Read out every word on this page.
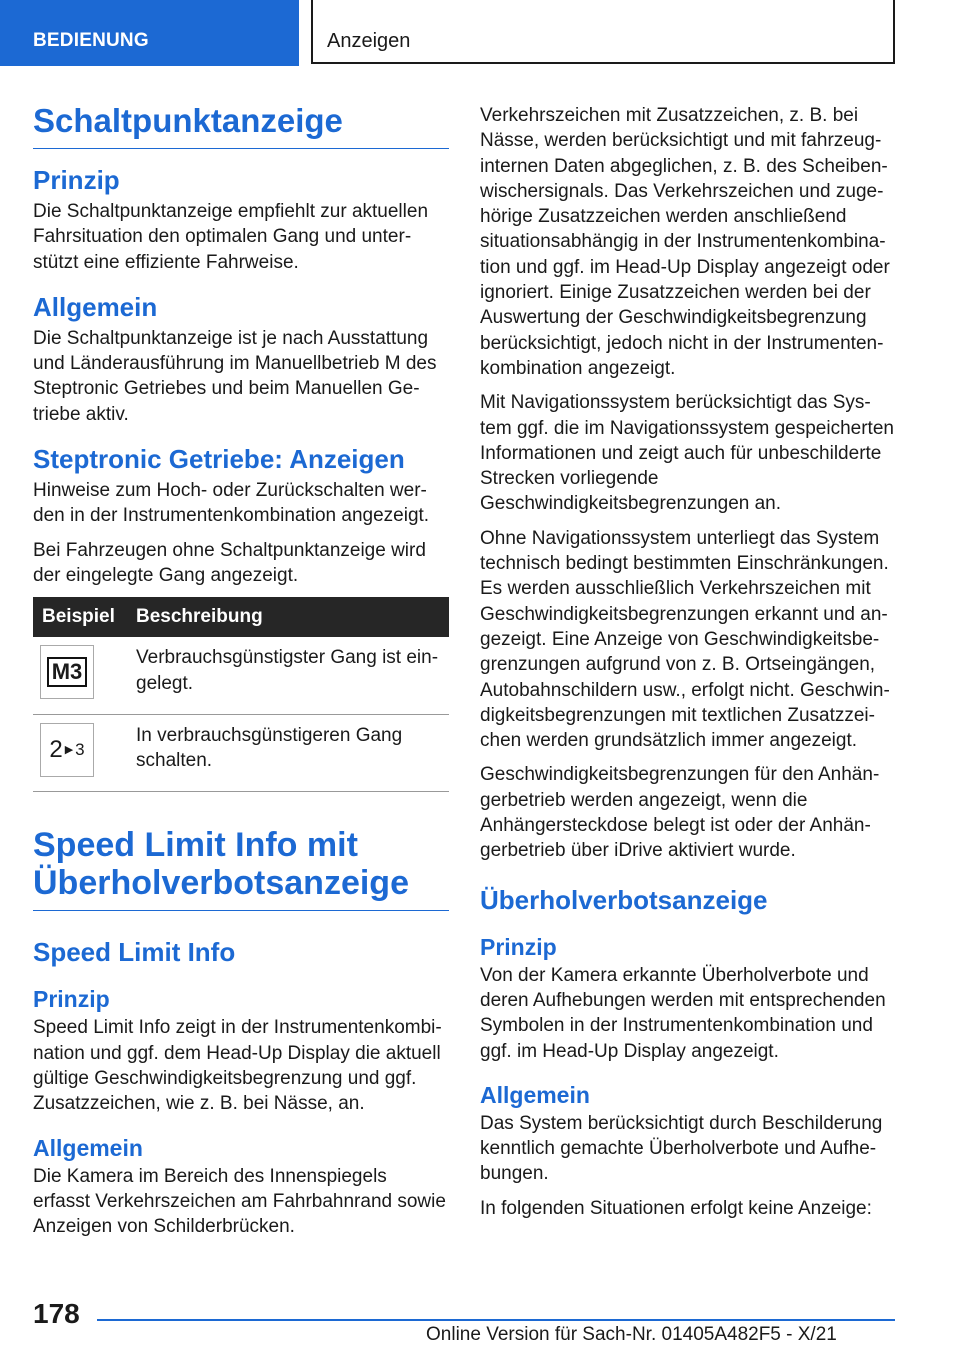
BEDIENUNG	Anzeigen
Schaltpunktanzeige
Prinzip
Die Schaltpunktanzeige empfiehlt zur aktuellen Fahrsituation den optimalen Gang und unterstützt eine effiziente Fahrweise.
Allgemein
Die Schaltpunktanzeige ist je nach Ausstattung und Länderausführung im Manuellbetrieb M des Steptronic Getriebes und beim Manuellen Getriebe aktiv.
Steptronic Getriebe: Anzeigen
Hinweise zum Hoch- oder Zurückschalten werden in der Instrumentenkombination angezeigt.
Bei Fahrzeugen ohne Schaltpunktanzeige wird der eingelegte Gang angezeigt.
Beispiel	Beschreibung

M3	Verbrauchsgünstigster Gang ist eingelegt.

2 ▶ 3	In verbrauchsgünstigeren Gang schalten.
Speed Limit Info mit Überholverbotsanzeige
Speed Limit Info
Prinzip
Speed Limit Info zeigt in der Instrumentenkombination und ggf. dem Head-Up Display die aktuell gültige Geschwindigkeitsbegrenzung und ggf. Zusatzzeichen, wie z. B. bei Nässe, an.
Allgemein
Die Kamera im Bereich des Innenspiegels erfasst Verkehrszeichen am Fahrbahnrand sowie Anzeigen von Schilderbrücken.
Verkehrszeichen mit Zusatzzeichen, z. B. bei Nässe, werden berücksichtigt und mit fahrzeuginternen Daten abgeglichen, z. B. des Scheibenwischersignals. Das Verkehrszeichen und zugehörige Zusatzzeichen werden anschließend situationsabhängig in der Instrumentenkombination und ggf. im Head-Up Display angezeigt oder ignoriert. Einige Zusatzzeichen werden bei der Auswertung der Geschwindigkeitsbegrenzung berücksichtigt, jedoch nicht in der Instrumentenkombination angezeigt.
Mit Navigationssystem berücksichtigt das System ggf. die im Navigationssystem gespeicherten Informationen und zeigt auch für unbeschilderte Strecken vorliegende Geschwindigkeitsbegrenzungen an.
Ohne Navigationssystem unterliegt das System technisch bedingt bestimmten Einschränkungen. Es werden ausschließlich Verkehrszeichen mit Geschwindigkeitsbegrenzungen erkannt und angezeigt. Eine Anzeige von Geschwindigkeitsbegrenzungen aufgrund von z. B. Ortseingängen, Autobahnschildern usw., erfolgt nicht. Geschwindigkeitsbegrenzungen mit textlichen Zusatzzeichen werden grundsätzlich immer angezeigt.
Geschwindigkeitsbegrenzungen für den Anhängerbetrieb werden angezeigt, wenn die Anhängersteckdose belegt ist oder der Anhängerbetrieb über iDrive aktiviert wurde.
Überholverbotsanzeige
Prinzip
Von der Kamera erkannte Überholverbote und deren Aufhebungen werden mit entsprechenden Symbolen in der Instrumentenkombination und ggf. im Head-Up Display angezeigt.
Allgemein
Das System berücksichtigt durch Beschilderung kenntlich gemachte Überholverbote und Aufhebungen.
In folgenden Situationen erfolgt keine Anzeige:
178
Online Version für Sach-Nr. 01405A482F5 - X/21
